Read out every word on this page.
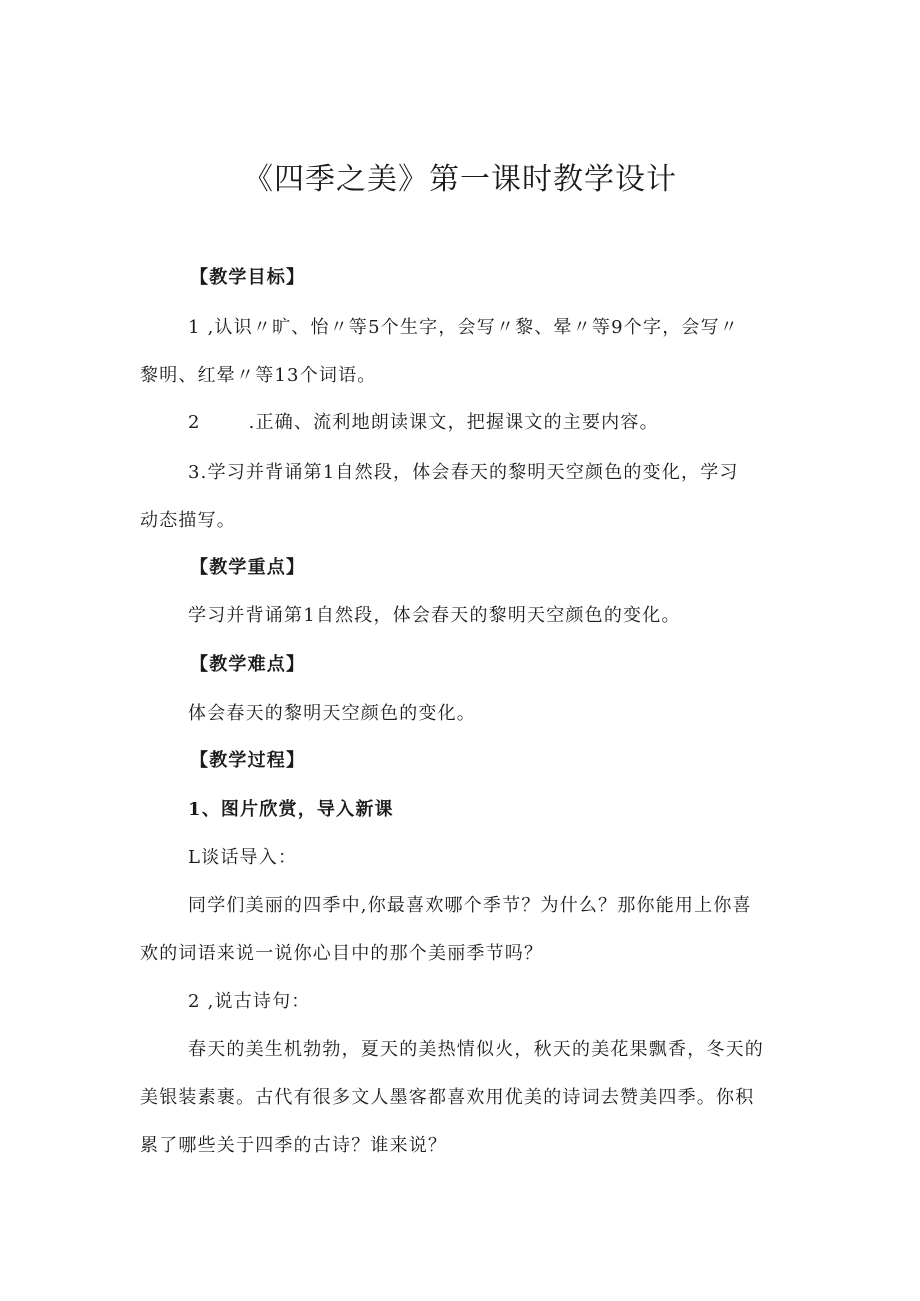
《四季之美》第一课时教学设计
【教学目标】
1 ,认识〃旷、怡〃等5个生字，会写〃黎、晕〃等9个字，会写〃
黎明、红晕〃等13个词语。
2	.正确、流利地朗读课文，把握课文的主要内容。
3.学习并背诵第1自然段，体会春天的黎明天空颜色的变化，学习
动态描写。
【教学重点】
学习并背诵第1自然段，体会春天的黎明天空颜色的变化。
【教学难点】
体会春天的黎明天空颜色的变化。
【教学过程】
1、图片欣赏，导入新课
L谈话导入：
同学们美丽的四季中,你最喜欢哪个季节？为什么？那你能用上你喜
欢的词语来说一说你心目中的那个美丽季节吗？
2 ,说古诗句：
春天的美生机勃勃，夏天的美热情似火，秋天的美花果飘香，冬天的
美银装素裹。古代有很多文人墨客都喜欢用优美的诗词去赞美四季。你积
累了哪些关于四季的古诗？谁来说？
